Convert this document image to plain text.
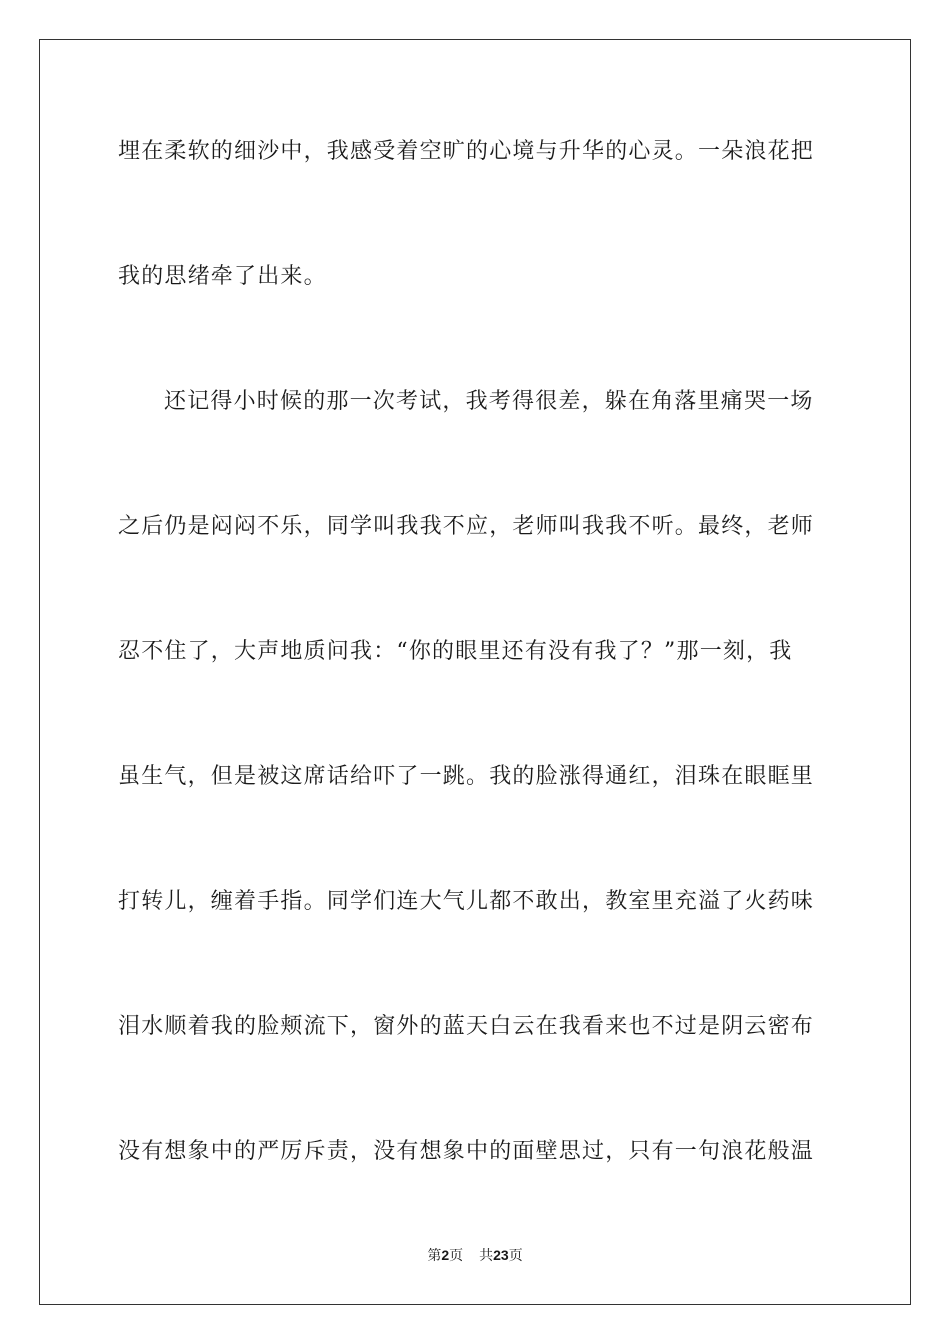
埋在柔软的细沙中，我感受着空旷的心境与升华的心灵。一朵浪花把
我的思绪牵了出来。
还记得小时候的那一次考试，我考得很差，躲在角落里痛哭一场
之后仍是闷闷不乐，同学叫我我不应，老师叫我我不听。最终，老师
忍不住了，大声地质问我：“你的眼里还有没有我了？”那一刻，我
虽生气，但是被这席话给吓了一跳。我的脸涨得通红，泪珠在眼眶里
打转儿，缠着手指。同学们连大气儿都不敢出，教室里充溢了火药味
泪水顺着我的脸颊流下，窗外的蓝天白云在我看来也不过是阴云密布
没有想象中的严厉斥责，没有想象中的面壁思过，只有一句浪花般温
第2页 共23页
